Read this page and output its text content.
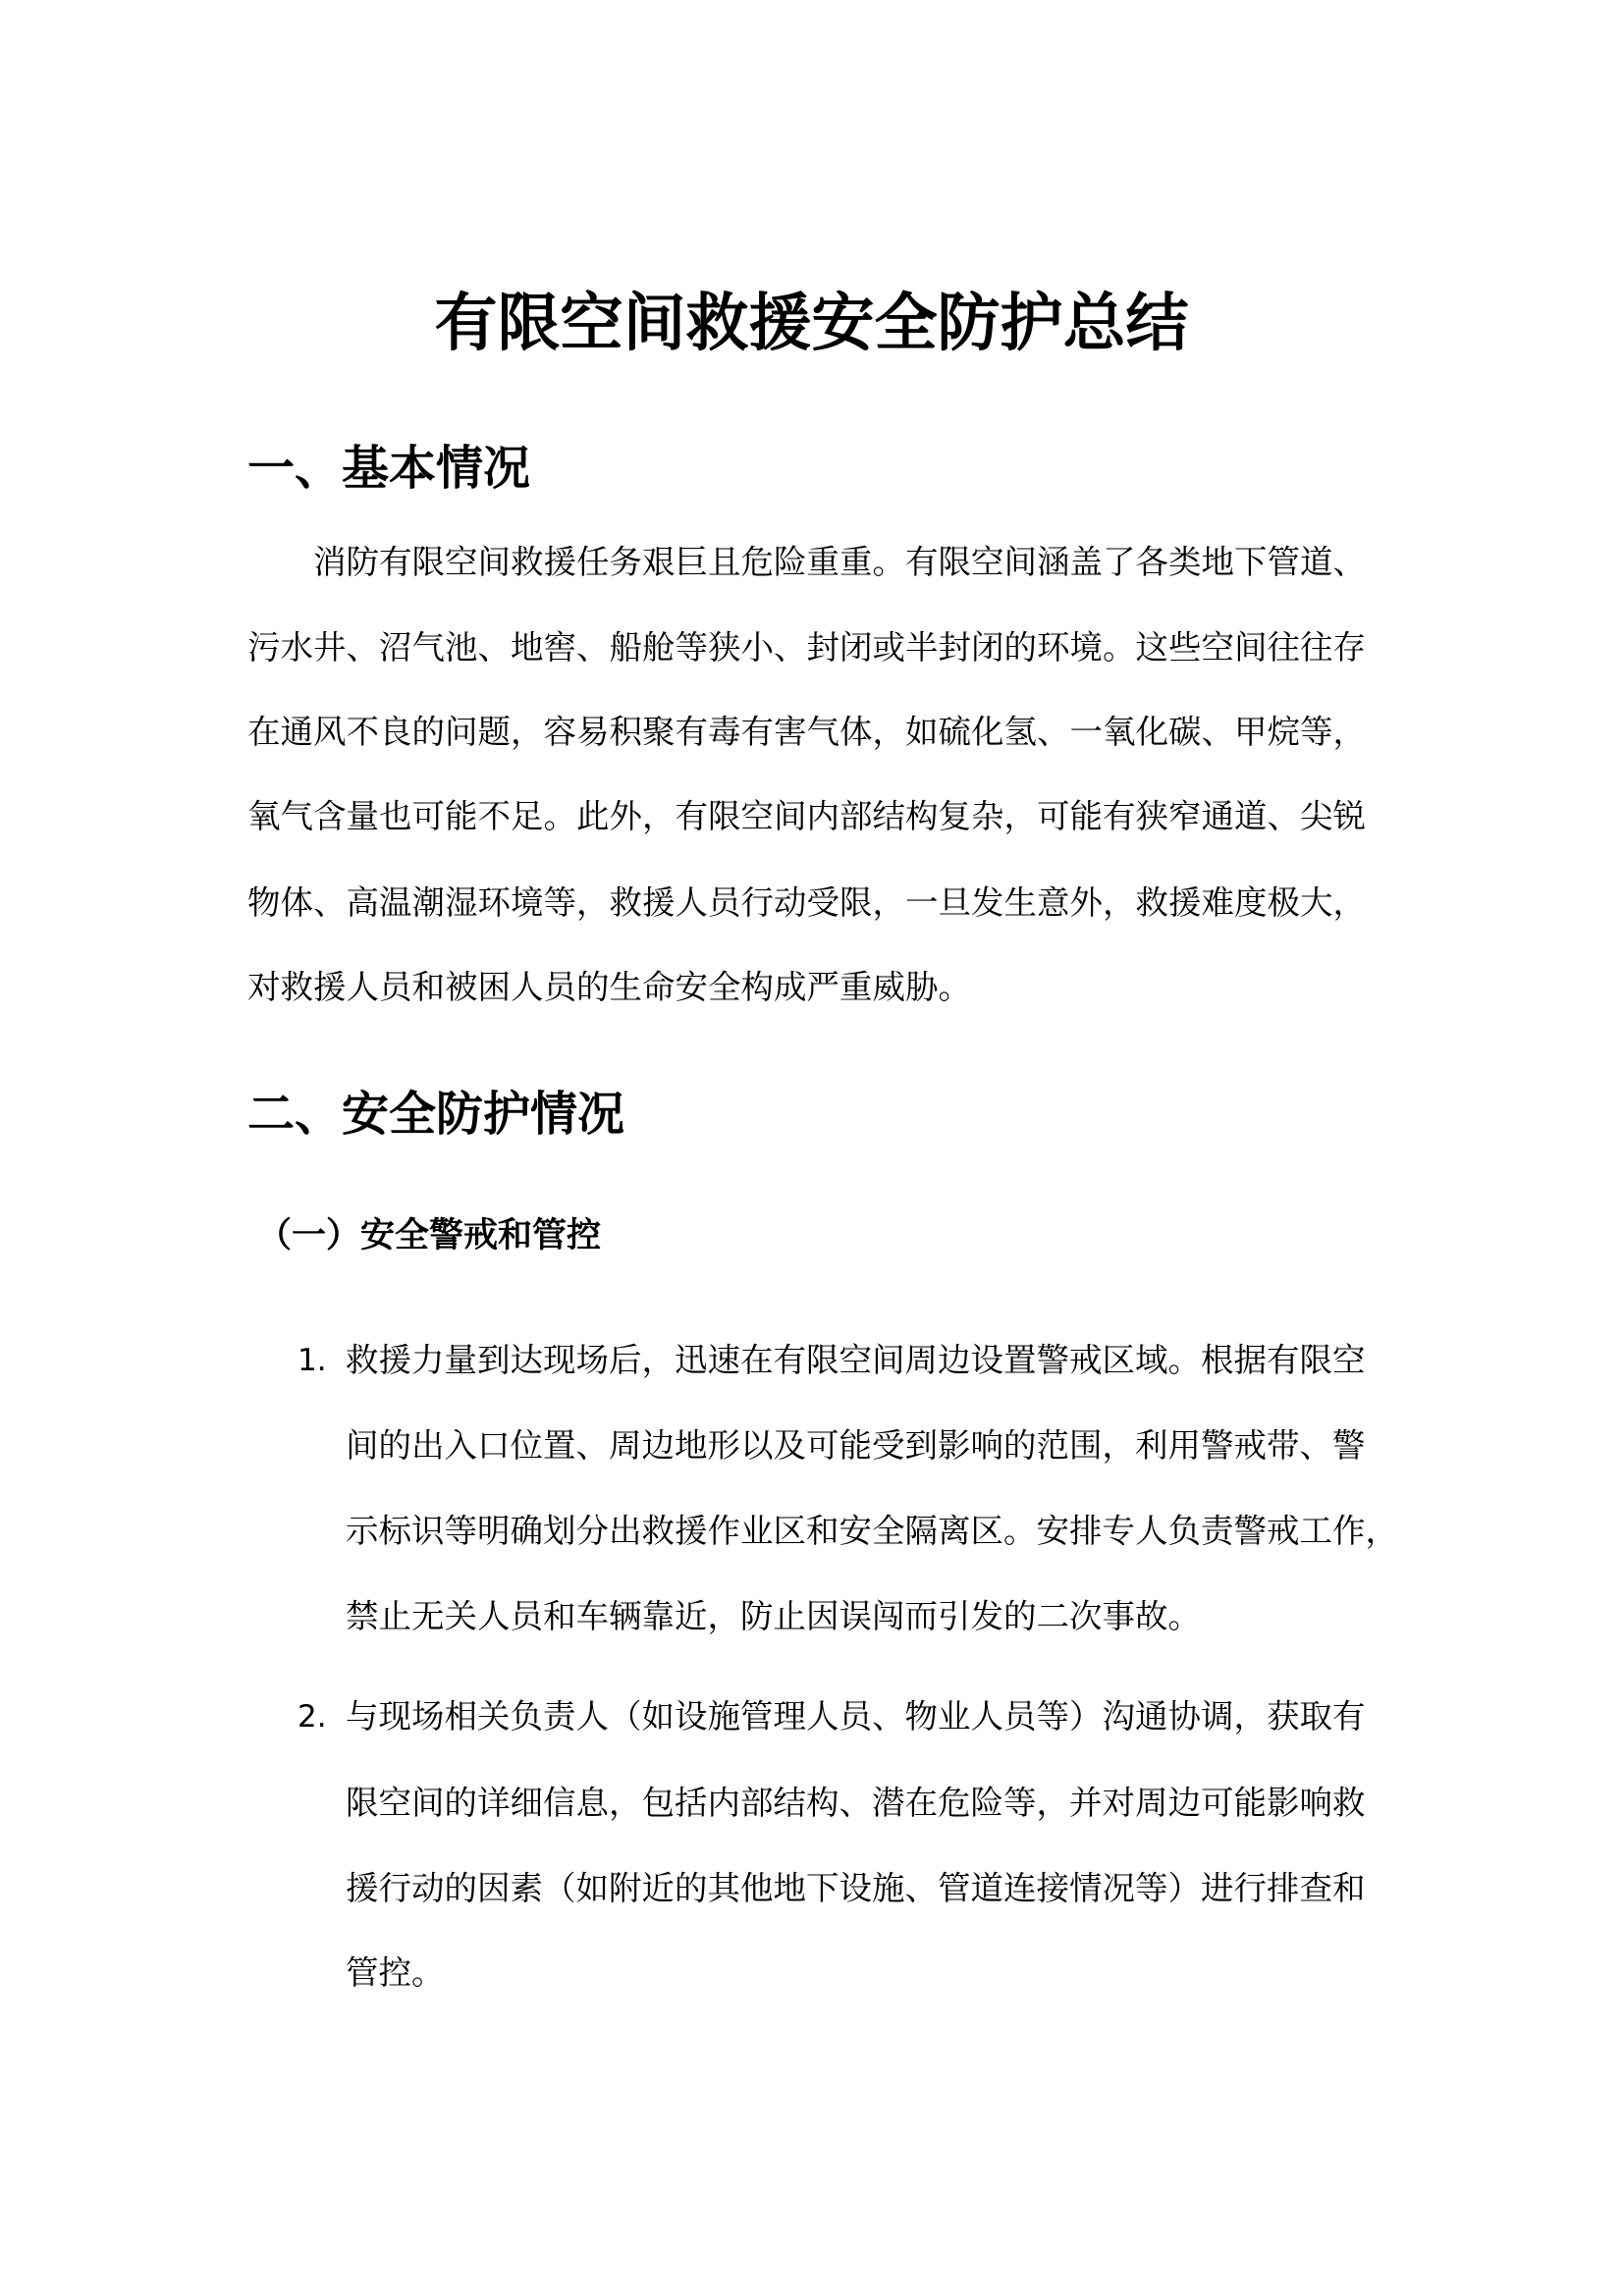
有限空间救援安全防护总结
一、基本情况
消防有限空间救援任务艰巨且危险重重。有限空间涵盖了各类地下管道、
污水井、沼气池、地窖、船舱等狭小、封闭或半封闭的环境。这些空间往往存
在通风不良的问题，容易积聚有毒有害气体，如硫化氢、一氧化碳、甲烷等，
氧气含量也可能不足。此外，有限空间内部结构复杂，可能有狭窄通道、尖锐
物体、高温潮湿环境等，救援人员行动受限，一旦发生意外，救援难度极大，
对救援人员和被困人员的生命安全构成严重威胁。
二、安全防护情况
（一）安全警戒和管控
1. 救援力量到达现场后，迅速在有限空间周边设置警戒区域。根据有限空
间的出入口位置、周边地形以及可能受到影响的范围，利用警戒带、警
示标识等明确划分出救援作业区和安全隔离区。安排专人负责警戒工作，
禁止无关人员和车辆靠近，防止因误闯而引发的二次事故。
2. 与现场相关负责人（如设施管理人员、物业人员等）沟通协调，获取有
限空间的详细信息，包括内部结构、潜在危险等，并对周边可能影响救
援行动的因素（如附近的其他地下设施、管道连接情况等）进行排查和
管控。
